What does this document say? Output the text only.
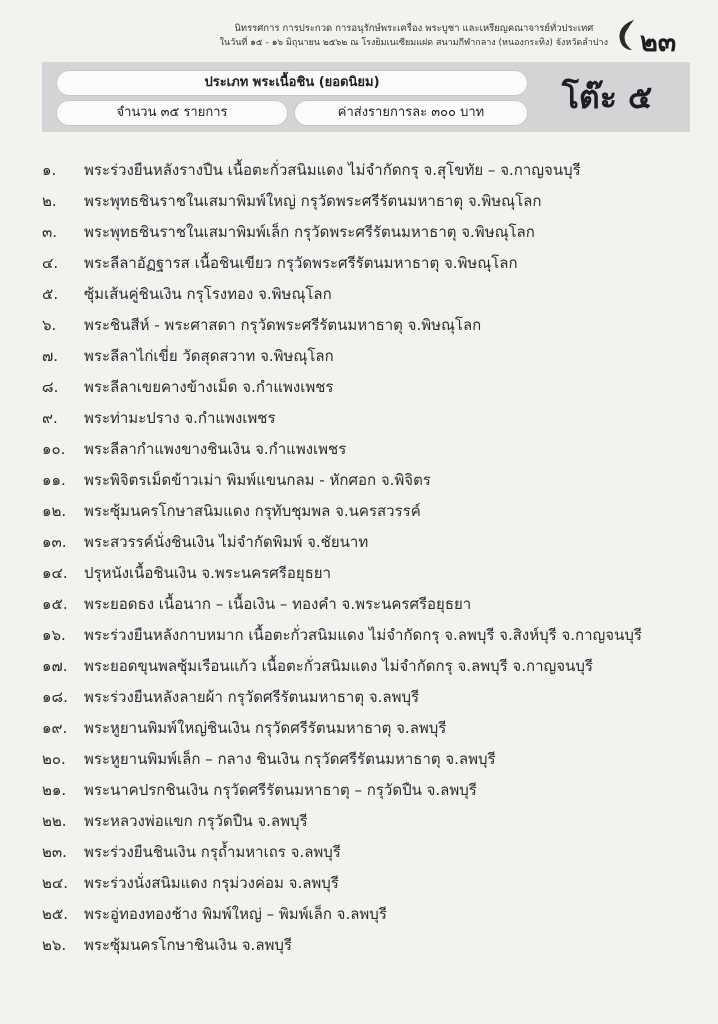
นิทรรศการ การประกวด การอนุรักษ์พระเครื่อง พระบูชา และเหรียญคณาจารย์ทั่วประเทศ
ในวันที่ ๑๕ - ๑๖ มิถุนายน ๒๕๖๒ ณ โรงยิมเนเซียมแฝด สนามกีฬากลาง (หนองกระทิง) จังหวัดลำปาง ๒๓
ประเภท พระเนื้อชิน (ยอดนิยม)
จำนวน ๓๕ รายการ	ค่าส่งรายการละ ๓๐๐ บาท	โต๊ะ ๕
๑. พระร่วงยืนหลังรางปืน เนื้อตะกั่วสนิมแดง ไม่จำกัดกรุ จ.สุโขทัย – จ.กาญจนบุรี
๒. พระพุทธชินราชในเสมาพิมพ์ใหญ่ กรุวัดพระศรีรัตนมหาธาตุ จ.พิษณุโลก
๓. พระพุทธชินราชในเสมาพิมพ์เล็ก กรุวัดพระศรีรัตนมหาธาตุ จ.พิษณุโลก
๔. พระลีลาอัฏฐารส เนื้อชินเขียว กรุวัดพระศรีรัตนมหาธาตุ จ.พิษณุโลก
๕. ซุ้มเส้นคู่ชินเงิน กรุโรงทอง จ.พิษณุโลก
๖. พระชินสีห์ - พระศาสดา กรุวัดพระศรีรัตนมหาธาตุ จ.พิษณุโลก
๗. พระลีลาไก่เขี่ย วัดสุดสวาท จ.พิษณุโลก
๘. พระลีลาเขยคางข้างเม็ด จ.กำแพงเพชร
๙. พระท่ามะปราง จ.กำแพงเพชร
๑๐. พระลีลากำแพงขางชินเงิน จ.กำแพงเพชร
๑๑. พระพิจิตรเม็ดข้าวเม่า พิมพ์แขนกลม - หักศอก จ.พิจิตร
๑๒. พระซุ้มนครโกษาสนิมแดง กรุทับชุมพล จ.นครสวรรค์
๑๓. พระสวรรค์นั่งชินเงิน ไม่จำกัดพิมพ์ จ.ชัยนาท
๑๔. ปรุหนังเนื้อชินเงิน จ.พระนครศรีอยุธยา
๑๕. พระยอดธง เนื้อนาก – เนื้อเงิน – ทองคำ จ.พระนครศรีอยุธยา
๑๖. พระร่วงยืนหลังกาบหมาก เนื้อตะกั่วสนิมแดง ไม่จำกัดกรุ จ.ลพบุรี จ.สิงห์บุรี จ.กาญจนบุรี
๑๗. พระยอดขุนพลซุ้มเรือนแก้ว เนื้อตะกั่วสนิมแดง ไม่จำกัดกรุ จ.ลพบุรี จ.กาญจนบุรี
๑๘. พระร่วงยืนหลังลายผ้า กรุวัดศรีรัตนมหาธาตุ จ.ลพบุรี
๑๙. พระหูยานพิมพ์ใหญ่ชินเงิน กรุวัดศรีรัตนมหาธาตุ จ.ลพบุรี
๒๐. พระหูยานพิมพ์เล็ก – กลาง ชินเงิน กรุวัดศรีรัตนมหาธาตุ จ.ลพบุรี
๒๑. พระนาคปรกชินเงิน กรุวัดศรีรัตนมหาธาตุ – กรุวัดปืน จ.ลพบุรี
๒๒. พระหลวงพ่อแขก กรุวัดปืน จ.ลพบุรี
๒๓. พระร่วงยืนชินเงิน กรุถ้ำมหาเถร จ.ลพบุรี
๒๔. พระร่วงนั่งสนิมแดง กรุม่วงค่อม จ.ลพบุรี
๒๕. พระอู่ทองทองช้าง พิมพ์ใหญ่ – พิมพ์เล็ก จ.ลพบุรี
๒๖. พระซุ้มนครโกษาชินเงิน จ.ลพบุรี
